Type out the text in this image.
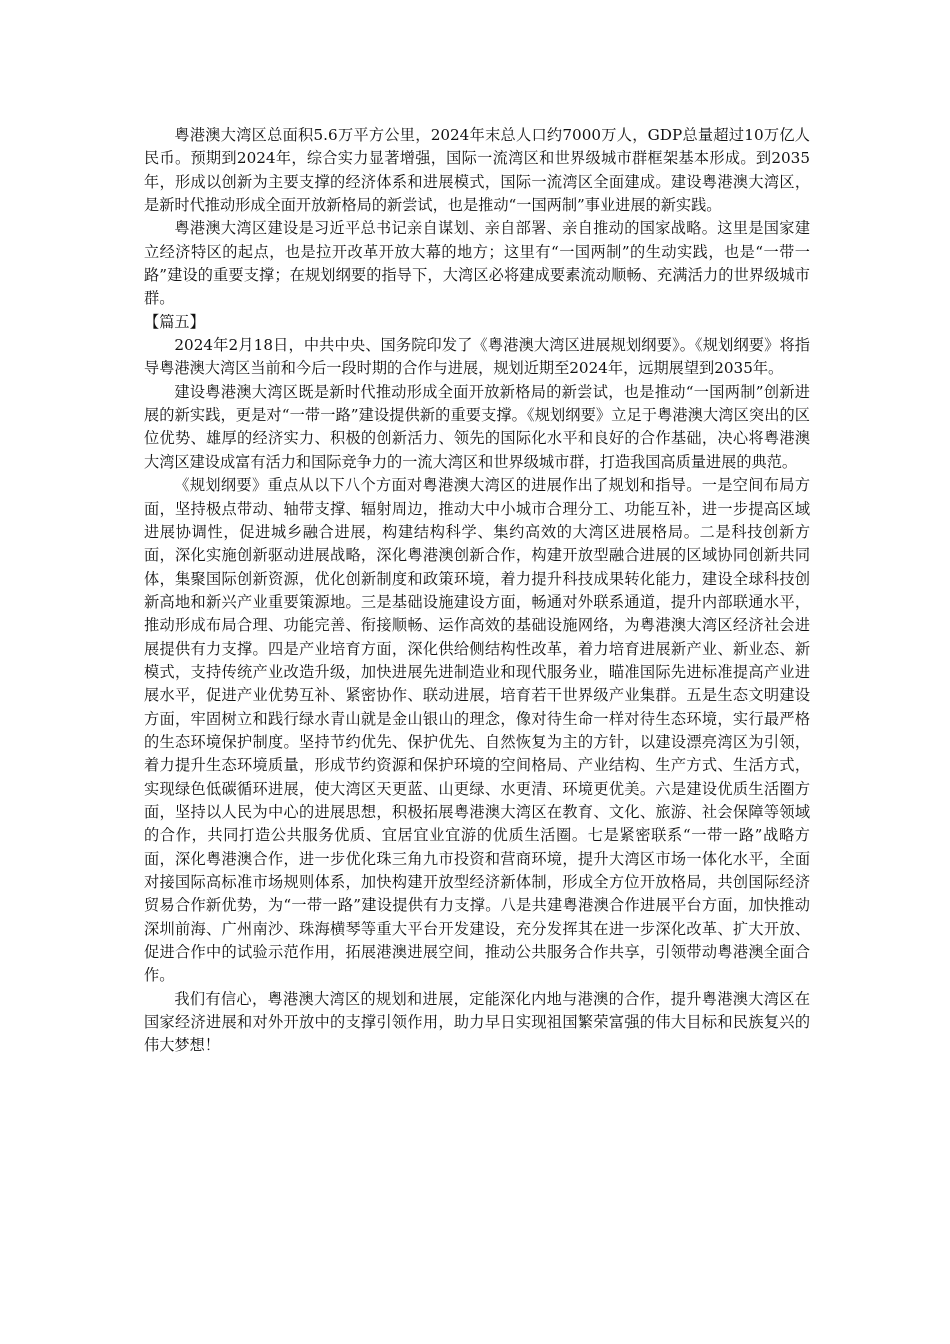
粤港澳大湾区总面积5.6万平方公里，2024年末总人口约7000万人，GDP总量超过10万亿人民币。预期到2024年，综合实力显著增强，国际一流湾区和世界级城市群框架基本形成。到2035年，形成以创新为主要支撑的经济体系和进展模式，国际一流湾区全面建成。建设粤港澳大湾区，是新时代推动形成全面开放新格局的新尝试，也是推动“一国两制”事业进展的新实践。

粤港澳大湾区建设是习近平总书记亲自谋划、亲自部署、亲自推动的国家战略。这里是国家建立经济特区的起点，也是拉开改革开放大幕的地方；这里有“一国两制”的生动实践，也是“一带一路”建设的重要支撑；在规划纲要的指导下，大湾区必将建成要素流动顺畅、充满活力的世界级城市群。

【篇五】

2024年2月18日，中共中央、国务院印发了《粤港澳大湾区进展规划纲要》。《规划纲要》将指导粤港澳大湾区当前和今后一段时期的合作与进展，规划近期至2024年，远期展望到2035年。

建设粤港澳大湾区既是新时代推动形成全面开放新格局的新尝试，也是推动“一国两制”创新进展的新实践，更是对“一带一路”建设提供新的重要支撑。《规划纲要》立足于粤港澳大湾区突出的区位优势、雄厚的经济实力、积极的创新活力、领先的国际化水平和良好的合作基础，决心将粤港澳大湾区建设成富有活力和国际竞争力的一流大湾区和世界级城市群，打造我国高质量进展的典范。

《规划纲要》重点从以下八个方面对粤港澳大湾区的进展作出了规划和指导。一是空间布局方面，坚持极点带动、轴带支撑、辐射周边，推动大中小城市合理分工、功能互补，进一步提高区域进展协调性，促进城乡融合进展，构建结构科学、集约高效的大湾区进展格局。二是科技创新方面，深化实施创新驱动进展战略，深化粤港澳创新合作，构建开放型融合进展的区域协同创新共同体，集聚国际创新资源，优化创新制度和政策环境，着力提升科技成果转化能力，建设全球科技创新高地和新兴产业重要策源地。三是基础设施建设方面，畅通对外联系通道，提升内部联通水平，推动形成布局合理、功能完善、衔接顺畅、运作高效的基础设施网络，为粤港澳大湾区经济社会进展提供有力支撑。四是产业培育方面，深化供给侧结构性改革，着力培育进展新产业、新业态、新模式，支持传统产业改造升级，加快进展先进制造业和现代服务业，瞄准国际先进标准提高产业进展水平，促进产业优势互补、紧密协作、联动进展，培育若干世界级产业集群。五是生态文明建设方面，牢固树立和践行绿水青山就是金山银山的理念，像对待生命一样对待生态环境，实行最严格的生态环境保护制度。坚持节约优先、保护优先、自然恢复为主的方针，以建设漂亮湾区为引领，着力提升生态环境质量，形成节约资源和保护环境的空间格局、产业结构、生产方式、生活方式，实现绿色低碳循环进展，使大湾区天更蓝、山更绿、水更清、环境更优美。六是建设优质生活圈方面，坚持以人民为中心的进展思想，积极拓展粤港澳大湾区在教育、文化、旅游、社会保障等领域的合作，共同打造公共服务优质、宜居宜业宜游的优质生活圈。七是紧密联系“一带一路”战略方面，深化粤港澳合作，进一步优化珠三角九市投资和营商环境，提升大湾区市场一体化水平，全面对接国际高标准市场规则体系，加快构建开放型经济新体制，形成全方位开放格局，共创国际经济贸易合作新优势，为“一带一路”建设提供有力支撑。八是共建粤港澳合作进展平台方面，加快推动深圳前海、广州南沙、珠海横琴等重大平台开发建设，充分发挥其在进一步深化改革、扩大开放、促进合作中的试验示范作用，拓展港澳进展空间，推动公共服务合作共享，引领带动粤港澳全面合作。

我们有信心，粤港澳大湾区的规划和进展，定能深化内地与港澳的合作，提升粤港澳大湾区在国家经济进展和对外开放中的支撑引领作用，助力早日实现祖国繁荣富强的伟大目标和民族复兴的伟大梦想！
